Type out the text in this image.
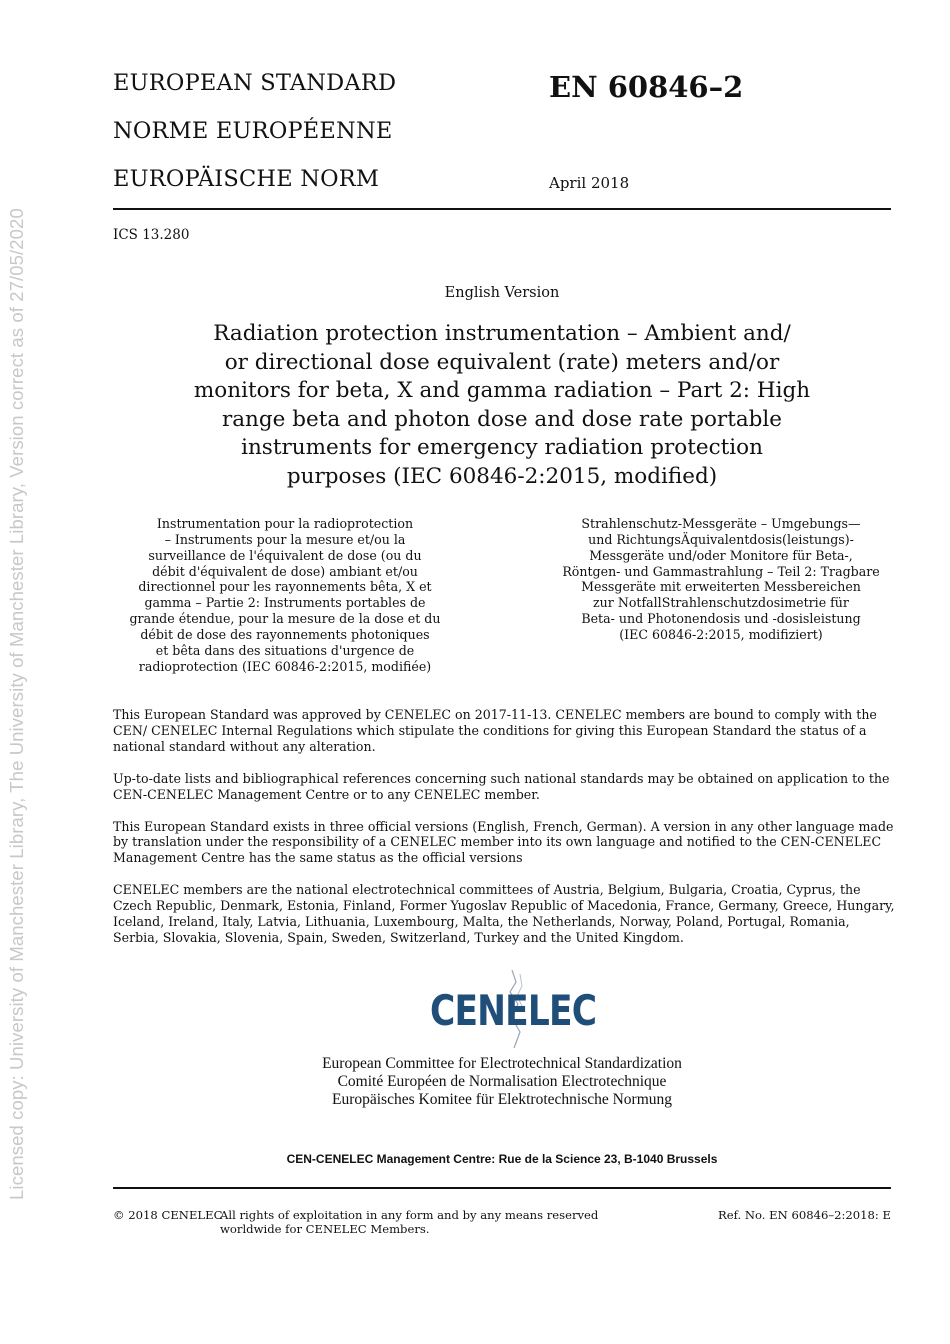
Licensed copy: University of Manchester Library, The University of Manchester Library, Version correct as of 27/05/2020
EUROPEAN STANDARD
NORME EUROPÉENNE
EUROPÄISCHE NORM
EN 60846–2
April 2018
ICS 13.280
English Version
Radiation protection instrumentation – Ambient and/
or directional dose equivalent (rate) meters and/or
monitors for beta, X and gamma radiation – Part 2: High
range beta and photon dose and dose rate portable
instruments for emergency radiation protection
purposes (IEC 60846-2:2015, modified)
Instrumentation pour la radioprotection
– Instruments pour la mesure et/ou la
surveillance de l'équivalent de dose (ou du
débit d'équivalent de dose) ambiant et/ou
directionnel pour les rayonnements bêta, X et
gamma – Partie 2: Instruments portables de
grande étendue, pour la mesure de la dose et du
débit de dose des rayonnements photoniques
et bêta dans des situations d'urgence de
radioprotection (IEC 60846-2:2015, modifiée)
Strahlenschutz-Messgeräte – Umgebungs—
und RichtungsÄquivalentdosis(leistungs)-
Messgeräte und/oder Monitore für Beta-,
Röntgen- und Gammastrahlung – Teil 2: Tragbare
Messgeräte mit erweiterten Messbereichen
zur NotfallStrahlenschutzdosimetrie für
Beta- und Photonendosis und -dosisleistung
(IEC 60846-2:2015, modifiziert)

This European Standard was approved by CENELEC on 2017-11-13. CENELEC members are bound to comply with the CEN/ CENELEC Internal Regulations which stipulate the conditions for giving this European Standard the status of a national standard without any alteration.

Up-to-date lists and bibliographical references concerning such national standards may be obtained on application to the CEN-CENELEC Management Centre or to any CENELEC member.

This European Standard exists in three official versions (English, French, German). A version in any other language made by translation under the responsibility of a CENELEC member into its own language and notified to the CEN-CENELEC Management Centre has the same status as the official versions

CENELEC members are the national electrotechnical committees of Austria, Belgium, Bulgaria, Croatia, Cyprus, the Czech Republic, Denmark, Estonia, Finland, Former Yugoslav Republic of Macedonia, France, Germany, Greece, Hungary, Iceland, Ireland, Italy, Latvia, Lithuania, Luxembourg, Malta, the Netherlands, Norway, Poland, Portugal, Romania, Serbia, Slovakia, Slovenia, Spain, Sweden, Switzerland, Turkey and the United Kingdom.

CENELEC
European Committee for Electrotechnical Standardization
Comité Européen de Normalisation Electrotechnique
Europäisches Komitee für Elektrotechnische Normung
CEN-CENELEC Management Centre: Rue de la Science 23, B-1040 Brussels
© 2018 CENELEC
All rights of exploitation in any form and by any means reserved worldwide for CENELEC Members.
Ref. No. EN 60846–2:2018: E
